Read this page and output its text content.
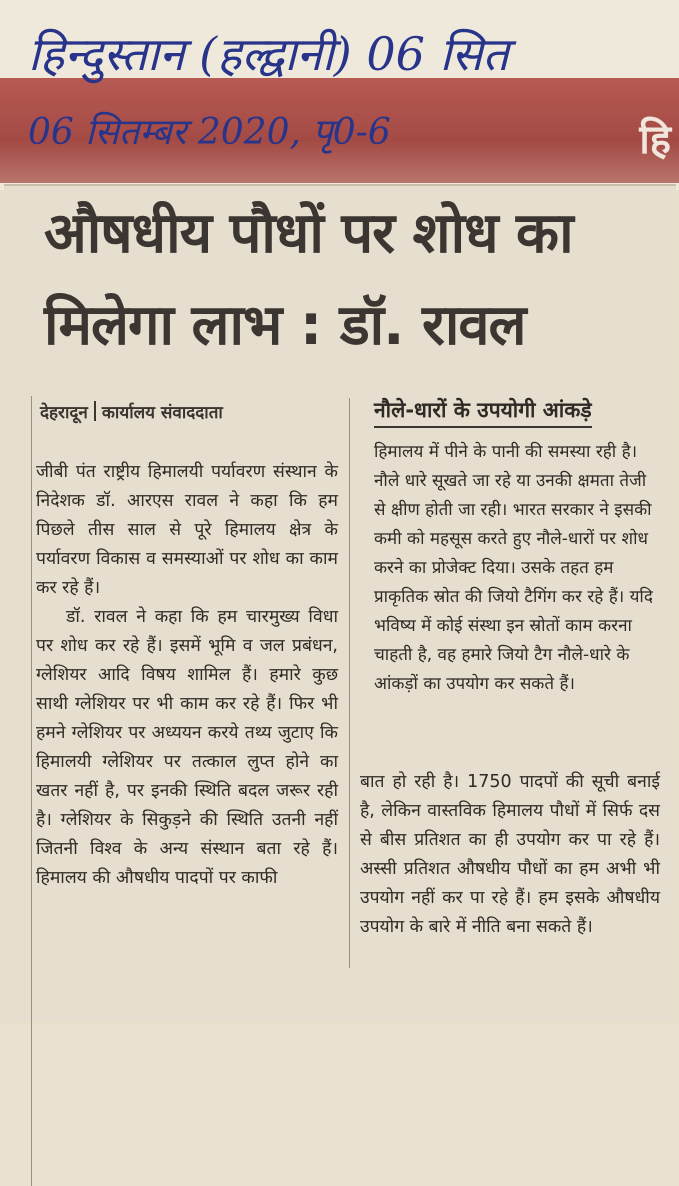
हि
हिन्दुस्तान (हल्द्वानी) 06 सित
06 सितम्बर 2020, पृ0-6
औषधीय पौधों पर शोध का मिलेगा लाभ : डॉ. रावल
देहरादून कार्यालय संवाददाता

जीबी पंत राष्ट्रीय हिमालयी पर्यावरण संस्थान के निदेशक डॉ. आरएस रावल ने कहा कि हम पिछले तीस साल से पूरे हिमालय क्षेत्र के पर्यावरण विकास व समस्याओं पर शोध का काम कर रहे हैं।

डॉ. रावल ने कहा कि हम चारमुख्य विधा पर शोध कर रहे हैं। इसमें भूमि व जल प्रबंधन, ग्लेशियर आदि विषय शामिल हैं। हमारे कुछ साथी ग्लेशियर पर भी काम कर रहे हैं। फिर भी हमने ग्लेशियर पर अध्ययन करये तथ्य जुटाए कि हिमालयी ग्लेशियर पर तत्काल लुप्त होने का खतर नहीं है, पर इनकी स्थिति बदल जरूर रही है। ग्लेशियर के सिकुड़ने की स्थिति उतनी नहीं जितनी विश्व के अन्य संस्थान बता रहे हैं। हिमालय की औषधीय पादपों पर काफी

नौले-धारों के उपयोगी आंकड़े

हिमालय में पीने के पानी की समस्या रही है। नौले धारे सूखते जा रहे या उनकी क्षमता तेजी से क्षीण होती जा रही। भारत सरकार ने इसकी कमी को महसूस करते हुए नौले-धारों पर शोध करने का प्रोजेक्ट दिया। उसके तहत हम प्राकृतिक स्रोत की जियो टैगिंग कर रहे हैं। यदि भविष्य में कोई संस्था इन स्रोतों काम करना चाहती है, वह हमारे जियो टैग नौले-धारे के आंकड़ों का उपयोग कर सकते हैं।

बात हो रही है। 1750 पादपों की सूची बनाई है, लेकिन वास्तविक हिमालय पौधों में सिर्फ दस से बीस प्रतिशत का ही उपयोग कर पा रहे हैं। अस्सी प्रतिशत औषधीय पौधों का हम अभी भी उपयोग नहीं कर पा रहे हैं। हम इसके औषधीय उपयोग के बारे में नीति बना सकते हैं।
